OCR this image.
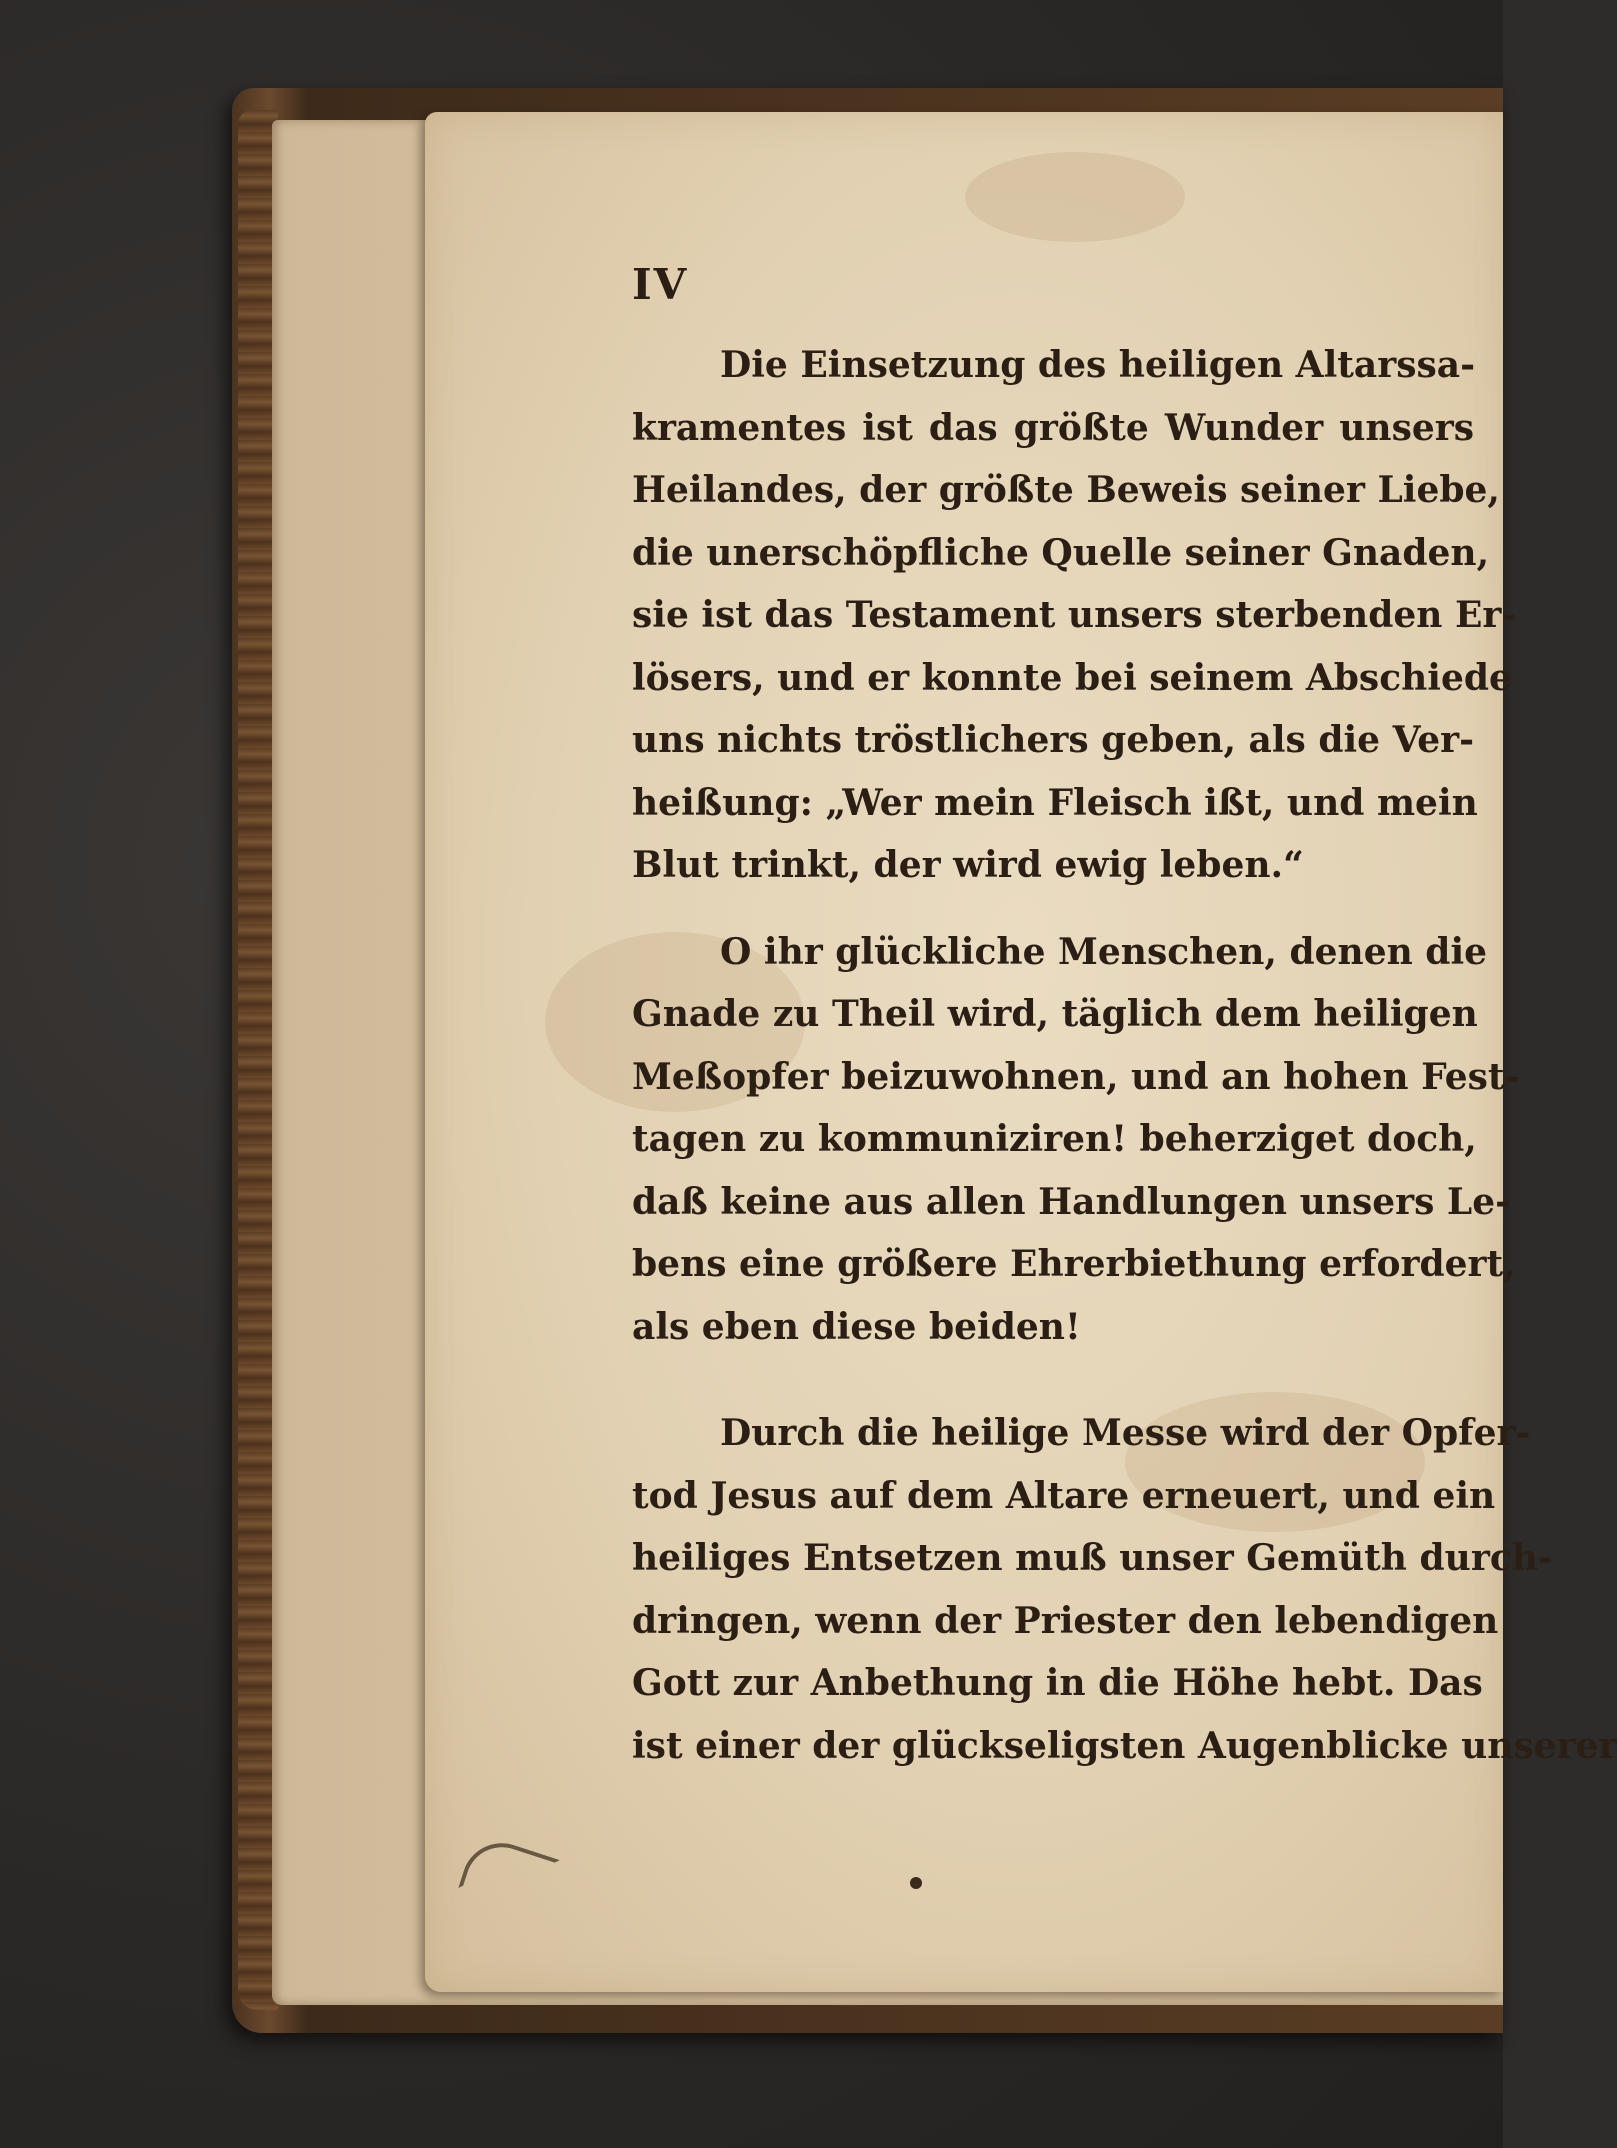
IV
Die Einsetzung des heiligen Altarssa-
kramentes ist das größte Wunder unsers
Heilandes, der größte Beweis seiner Liebe,
die unerschöpfliche Quelle seiner Gnaden,
sie ist das Testament unsers sterbenden Er-
lösers, und er konnte bei seinem Abschiede
uns nichts tröstlichers geben, als die Ver-
heißung: „Wer mein Fleisch ißt, und mein
Blut trinkt, der wird ewig leben.“
O ihr glückliche Menschen, denen die
Gnade zu Theil wird, täglich dem heiligen
Meßopfer beizuwohnen, und an hohen Fest-
tagen zu kommuniziren! beherziget doch,
daß keine aus allen Handlungen unsers Le-
bens eine größere Ehrerbiethung erfordert,
als eben diese beiden!
Durch die heilige Messe wird der Opfer-
tod Jesus auf dem Altare erneuert, und ein
heiliges Entsetzen muß unser Gemüth durch-
dringen, wenn der Priester den lebendigen
Gott zur Anbethung in die Höhe hebt. Das
ist einer der glückseligsten Augenblicke unserer
